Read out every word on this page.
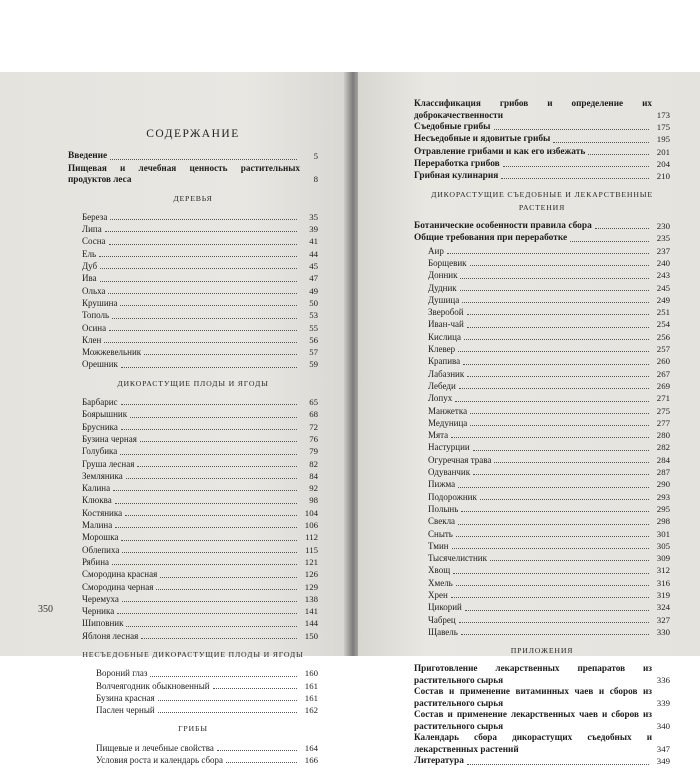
СОДЕРЖАНИЕ
Введение	5
Пищевая и лечебная ценность растительных продуктов леса	8
ДЕРЕВЬЯ
Береза	35
Липа	39
Сосна	41
Ель	44
Дуб	45
Ива	47
Ольха	49
Крушина	50
Тополь	53
Осина	55
Клен	56
Можжевельник	57
Орешник	59
ДИКОРАСТУЩИЕ ПЛОДЫ И ЯГОДЫ
Барбарис	65
Боярышник	68
Брусника	72
Бузина черная	76
Голубика	79
Груша лесная	82
Земляника	84
Калина	92
Клюква	98
Костяника	104
Малина	106
Морошка	112
Облепиха	115
Рябина	121
Смородина красная	126
Смородина черная	129
Черемуха	138
Черника	141
Шиповник	144
Яблоня лесная	150
НЕСЪЕДОБНЫЕ ДИКОРАСТУЩИЕ ПЛОДЫ И ЯГОДЫ
Вороний глаз	160
Волчеягодник обыкновенный	161
Бузина красная	161
Паслен черный	162
ГРИБЫ
Пищевые и лечебные свойства	164
Условия роста и календарь сбора	166
350
Классификация грибов и определение их доброкачественности	173
Съедобные грибы	175
Несъедобные и ядовитые грибы	195
Отравление грибами и как его избежать	201
Переработка грибов	204
Грибная кулинария	210
ДИКОРАСТУЩИЕ СЪЕДОБНЫЕ И ЛЕКАРСТВЕННЫЕ РАСТЕНИЯ
Ботанические особенности правила сбора	230
Общие требования при переработке	235
Аир	237
Борщевик	240
Донник	243
Дудник	245
Душица	249
Зверобой	251
Иван-чай	254
Кислица	256
Клевер	257
Крапива	260
Лабазник	267
Лебеди	269
Лопух	271
Манжетка	275
Медуница	277
Мята	280
Настурции	282
Огуречная трава	284
Одуванчик	287
Пижма	290
Подорожник	293
Полынь	295
Свекла	298
Сныть	301
Тмин	305
Тысячелистник	309
Хвощ	312
Хмель	316
Хрен	319
Цикорий	324
Чабрец	327
Щавель	330
ПРИЛОЖЕНИЯ
Приготовление лекарственных препаратов из растительного сырья	336
Состав и применение витаминных чаев и сборов из растительного сырья	339
Состав и применение лекарственных чаев и сборов из растительного сырья	340
Календарь сбора дикорастущих съедобных и лекарственных растений	347
Литература	349
